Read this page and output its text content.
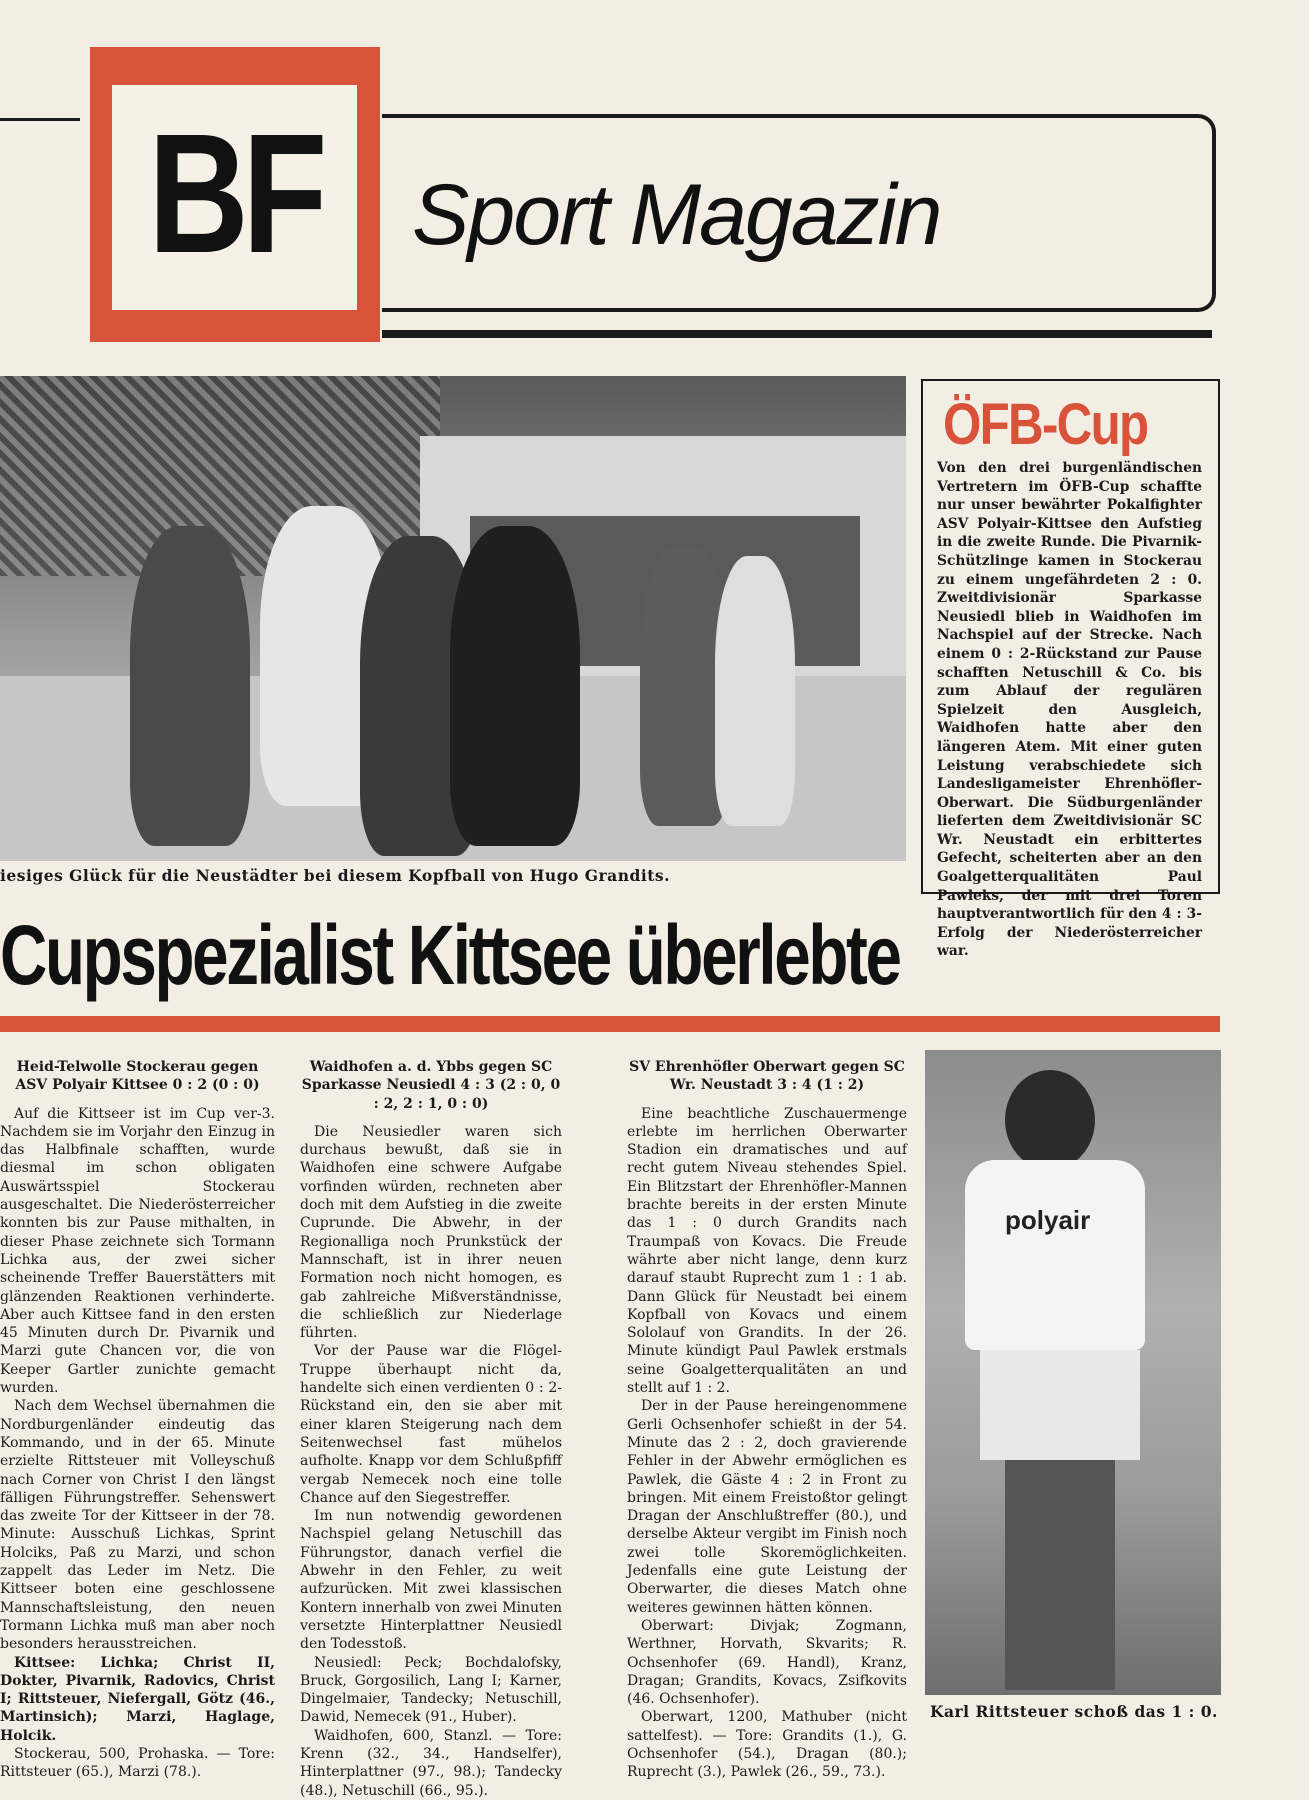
BF Sport Magazin
iesiges Glück für die Neustädter bei diesem Kopfball von Hugo Grandits.
ÖFB-Cup
Von den drei burgenländischen Vertretern im ÖFB-Cup schaffte nur unser bewährter Pokalfighter ASV Polyair-Kittsee den Aufstieg in die zweite Runde. Die Pivarnik-Schützlinge kamen in Stockerau zu einem ungefährdeten 2 : 0. Zweitdivisionär Sparkasse Neusiedl blieb in Waidhofen im Nachspiel auf der Strecke. Nach einem 0 : 2-Rückstand zur Pause schafften Netuschill & Co. bis zum Ablauf der regulären Spielzeit den Ausgleich, Waidhofen hatte aber den längeren Atem. Mit einer guten Leistung verabschiedete sich Landesligameister Ehrenhöfler-Oberwart. Die Südburgenländer lieferten dem Zweitdivisionär SC Wr. Neustadt ein erbittertes Gefecht, scheiterten aber an den Goalgetterqualitäten Paul Pawleks, der mit drei Toren hauptverantwortlich für den 4 : 3-Erfolg der Niederösterreicher war.
Cupspezialist Kittsee überlebte
Heid-Telwolle Stockerau gegen ASV Polyair Kittsee 0 : 2 (0 : 0)

Auf die Kittseer ist im Cup ver-3. Nachdem sie im Vorjahr den Einzug in das Halbfinale schafften, wurde diesmal im schon obligaten Auswärtsspiel Stockerau ausgeschaltet. Die Niederösterreicher konnten bis zur Pause mithalten, in dieser Phase zeichnete sich Tormann Lichka aus, der zwei sicher scheinende Treffer Bauerstätters mit glänzenden Reaktionen verhinderte. Aber auch Kittsee fand in den ersten 45 Minuten durch Dr. Pivarnik und Marzi gute Chancen vor, die von Keeper Gartler zunichte gemacht wurden.

Nach dem Wechsel übernahmen die Nordburgenländer eindeutig das Kommando, und in der 65. Minute erzielte Rittsteuer mit Volleyschuß nach Corner von Christ I den längst fälligen Führungstreffer. Sehenswert das zweite Tor der Kittseer in der 78. Minute: Ausschuß Lichkas, Sprint Holciks, Paß zu Marzi, und schon zappelt das Leder im Netz. Die Kittseer boten eine geschlossene Mannschaftsleistung, den neuen Tormann Lichka muß man aber noch besonders herausstreichen.

Kittsee: Lichka; Christ II, Dokter, Pivarnik, Radovics, Christ I; Rittsteuer, Niefergall, Götz (46., Martinsich); Marzi, Haglage, Holcik.

Stockerau, 500, Prohaska. — Tore: Rittsteuer (65.), Marzi (78.).

Waidhofen a. d. Ybbs gegen SC Sparkasse Neusiedl 4 : 3 (2 : 0, 0 : 2, 2 : 1, 0 : 0)

Die Neusiedler waren sich durchaus bewußt, daß sie in Waidhofen eine schwere Aufgabe vorfinden würden, rechneten aber doch mit dem Aufstieg in die zweite Cuprunde. Die Abwehr, in der Regionalliga noch Prunkstück der Mannschaft, ist in ihrer neuen Formation noch nicht homogen, es gab zahlreiche Mißverständnisse, die schließlich zur Niederlage führten.

Vor der Pause war die Flögel-Truppe überhaupt nicht da, handelte sich einen verdienten 0 : 2-Rückstand ein, den sie aber mit einer klaren Steigerung nach dem Seitenwechsel fast mühelos aufholte. Knapp vor dem Schlußpfiff vergab Nemecek noch eine tolle Chance auf den Siegestreffer.

Im nun notwendig gewordenen Nachspiel gelang Netuschill das Führungstor, danach verfiel die Abwehr in den Fehler, zu weit aufzurücken. Mit zwei klassischen Kontern innerhalb von zwei Minuten versetzte Hinterplattner Neusiedl den Todesstoß.

Neusiedl: Peck; Bochdalofsky, Bruck, Gorgosilich, Lang I; Karner, Dingelmaier, Tandecky; Netuschill, Dawid, Nemecek (91., Huber).

Waidhofen, 600, Stanzl. — Tore: Krenn (32., 34., Handselfer), Hinterplattner (97., 98.); Tandecky (48.), Netuschill (66., 95.).

SV Ehrenhöfler Oberwart gegen SC Wr. Neustadt 3 : 4 (1 : 2)

Eine beachtliche Zuschauermenge erlebte im herrlichen Oberwarter Stadion ein dramatisches und auf recht gutem Niveau stehendes Spiel. Ein Blitzstart der Ehrenhöfler-Mannen brachte bereits in der ersten Minute das 1 : 0 durch Grandits nach Traumpaß von Kovacs. Die Freude währte aber nicht lange, denn kurz darauf staubt Ruprecht zum 1 : 1 ab. Dann Glück für Neustadt bei einem Kopfball von Kovacs und einem Sololauf von Grandits. In der 26. Minute kündigt Paul Pawlek erstmals seine Goalgetterqualitäten an und stellt auf 1 : 2.

Der in der Pause hereingenommene Gerli Ochsenhofer schießt in der 54. Minute das 2 : 2, doch gravierende Fehler in der Abwehr ermöglichen es Pawlek, die Gäste 4 : 2 in Front zu bringen. Mit einem Freistoßtor gelingt Dragan der Anschlußtreffer (80.), und derselbe Akteur vergibt im Finish noch zwei tolle Skoremöglichkeiten. Jedenfalls eine gute Leistung der Oberwarter, die dieses Match ohne weiteres gewinnen hätten können.

Oberwart: Divjak; Zogmann, Werthner, Horvath, Skvarits; R. Ochsenhofer (69. Handl), Kranz, Dragan; Grandits, Kovacs, Zsifkovits (46. Ochsenhofer).

Oberwart, 1200, Mathuber (nicht sattelfest). — Tore: Grandits (1.), G. Ochsenhofer (54.), Dragan (80.); Ruprecht (3.), Pawlek (26., 59., 73.).

polyair
Karl Rittsteuer schoß das 1 : 0.
